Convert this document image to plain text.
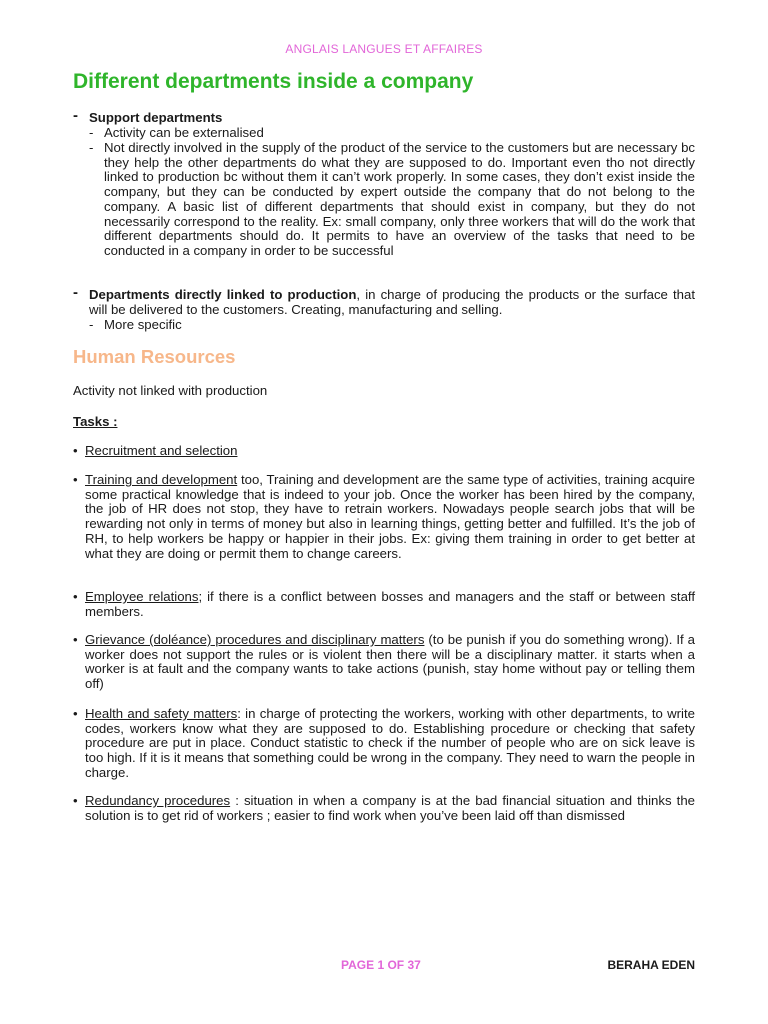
ANGLAIS LANGUES ET AFFAIRES
Different departments inside a company
- Support departments
- Activity can be externalised
- Not directly involved in the supply of the product of the service to the customers but are necessary bc they help the other departments do what they are supposed to do. Important even tho not directly linked to production bc without them it can’t work properly. In some cases, they don’t exist inside the company, but they can be conducted by expert outside the company that do not belong to the company. A basic list of different departments that should exist in company, but they do not necessarily correspond to the reality. Ex: small company, only three workers that will do the work that different departments should do. It permits to have an overview of the tasks that need to be conducted in a company in order to be successful
- Departments directly linked to production, in charge of producing the products or the surface that will be delivered to the customers. Creating, manufacturing and selling.
- More specific
Human Resources
Activity not linked with production
Tasks :
• Recruitment and selection
• Training and development too, Training and development are the same type of activities, training acquire some practical knowledge that is indeed to your job. Once the worker has been hired by the company, the job of HR does not stop, they have to retrain workers. Nowadays people search jobs that will be rewarding not only in terms of money but also in learning things, getting better and fulfilled. It’s the job of RH, to help workers be happy or happier in their jobs. Ex: giving them training in order to get better at what they are doing or permit them to change careers.
• Employee relations; if there is a conflict between bosses and managers and the staff or between staff members.
• Grievance (doléance) procedures and disciplinary matters (to be punish if you do something wrong). If a worker does not support the rules or is violent then there will be a disciplinary matter. it starts when a worker is at fault and the company wants to take actions (punish, stay home without pay or telling them off)
• Health and safety matters: in charge of protecting the workers, working with other departments, to write codes, workers know what they are supposed to do. Establishing procedure or checking that safety procedure are put in place. Conduct statistic to check if the number of people who are on sick leave is too high. If it is it means that something could be wrong in the company. They need to warn the people in charge.
• Redundancy procedures : situation in when a company is at the bad financial situation and thinks the solution is to get rid of workers ; easier to find work when you’ve been laid off than dismissed
PAGE 1 OF 37	BERAHA EDEN
